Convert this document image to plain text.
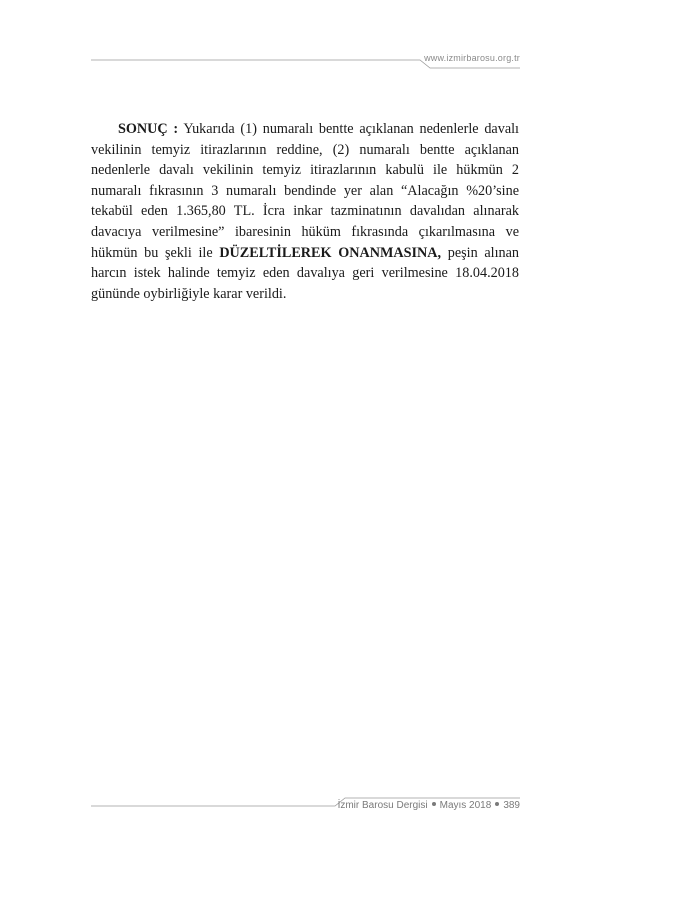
www.izmirbarosu.org.tr

SONUÇ : Yukarıda (1) numaralı bentte açıklanan nedenlerle davalı vekilinin temyiz itirazlarının reddine, (2) numaralı bentte açıklanan nedenlerle davalı vekilinin temyiz itirazlarının kabulü ile hükmün 2 numaralı fıkrasının 3 numaralı bendinde yer alan “Alacağın %20’sine tekabül eden 1.365,80 TL. İcra inkar tazminatının davalıdan alınarak davacıya verilmesine” ibaresinin hüküm fıkrasında çıkarılmasına ve hükmün bu şekli ile DÜZELTİLEREK ONANMASINA, peşin alınan harcın istek halinde temyiz eden davalıya geri verilmesine 18.04.2018 gününde oybirliğiyle karar verildi.

İzmir Barosu Dergisi Mayıs 2018 389
